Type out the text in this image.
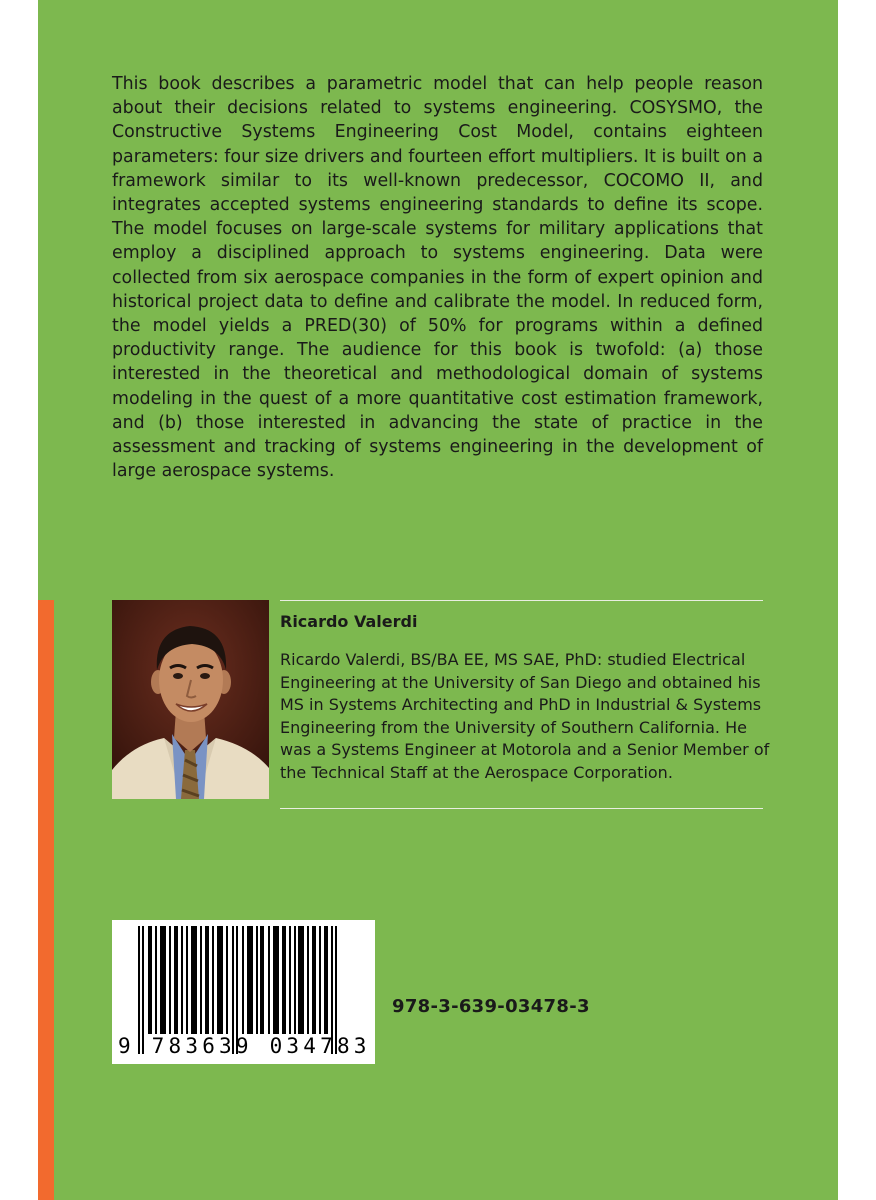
This book describes a parametric model that can help people reason about their decisions related to systems engineering. COSYSMO, the Constructive Systems Engineering Cost Model, contains eighteen parameters: four size drivers and fourteen effort multipliers. It is built on a framework similar to its well-known predecessor, COCOMO II, and integrates accepted systems engineering standards to define its scope. The model focuses on large-scale systems for military applications that employ a disciplined approach to systems engineering. Data were collected from six aerospace companies in the form of expert opinion and historical project data to define and calibrate the model. In reduced form, the model yields a PRED(30) of 50% for programs within a defined productivity range. The audience for this book is twofold: (a) those interested in the theoretical and methodological domain of systems modeling in the quest of a more quantitative cost estimation framework, and (b) those interested in advancing the state of practice in the assessment and tracking of systems engineering in the development of large aerospace systems.

Ricardo Valerdi

Ricardo Valerdi, BS/BA EE, MS SAE, PhD: studied Electrical Engineering at the University of San Diego and obtained his MS in Systems Architecting and PhD in Industrial & Systems Engineering from the University of Southern California. He was a Systems Engineer at Motorola and a Senior Member of the Technical Staff at the Aerospace Corporation.

9 783639 034783
978-3-639-03478-3
